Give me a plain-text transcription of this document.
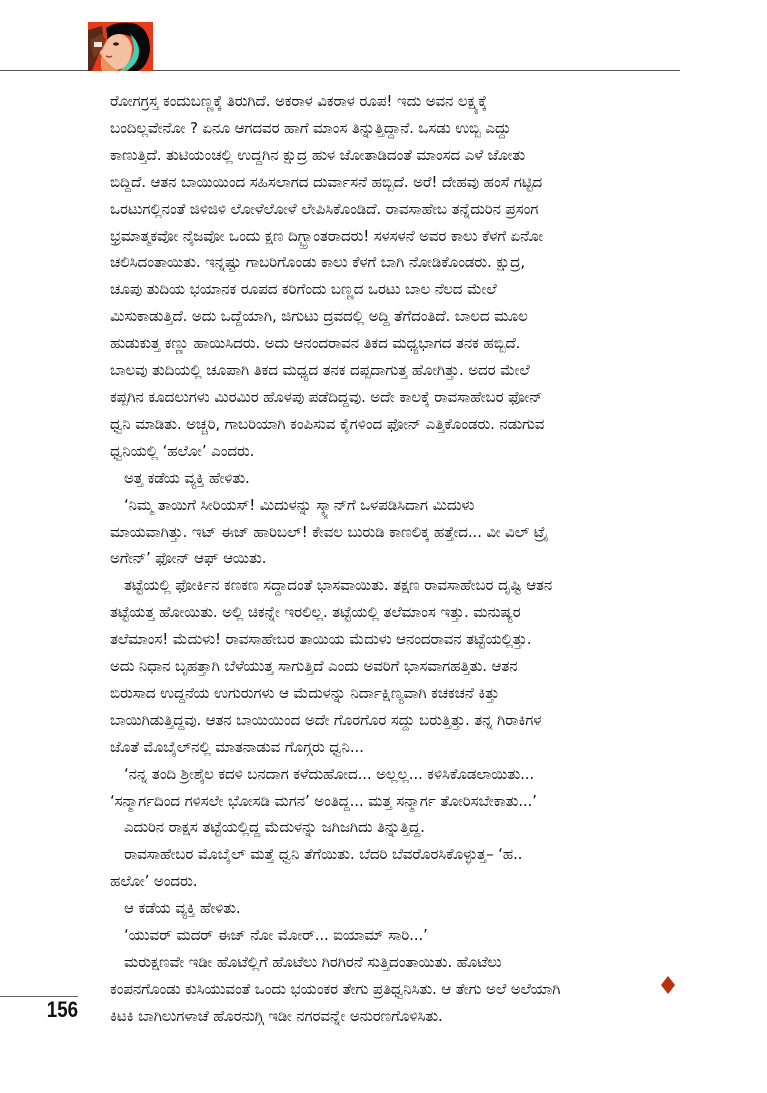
ರೋಗಗ್ರಸ್ತ ಕಂದುಬಣ್ಣಕ್ಕೆ ತಿರುಗಿದೆ. ಅಕರಾಳ ವಿಕರಾಳ ರೂಪ! ಇದು ಅವನ ಲಕ್ಷ್ಯಕ್ಕೆ
ಬಂದಿಲ್ಲವೇನೋ ? ಏನೂ ಆಗದವರ ಹಾಗೆ ಮಾಂಸ ತಿನ್ನುತ್ತಿದ್ದಾನೆ. ಒಸಡು ಉಬ್ಬಿ ಎದ್ದು
ಕಾಣುತ್ತಿದೆ. ತುಟಿಯಂಚಲ್ಲಿ ಉದ್ದಗಿನ ಕ್ಷುದ್ರ ಹುಳ ಜೋತಾಡಿದಂತೆ ಮಾಂಸದ ಎಳೆ ಜೋತು
ಬಿದ್ದಿದೆ. ಆತನ ಬಾಯಿಯಿಂದ ಸಹಿಸಲಾಗದ ದುರ್ವಾಸನೆ ಹಬ್ಬಿದೆ. ಅರೆ! ದೇಹವು ಹಂಸೆ ಗಟ್ಟಿದ
ಒರಟುಗಲ್ಲಿನಂತೆ ಜಿಳಿಜಿಳಿ ಲೋಳೆಲೋಳೆ ಲೇಪಿಸಿಕೊಂಡಿದೆ. ರಾವಸಾಹೇಬ ತನ್ನೆದುರಿನ ಪ್ರಸಂಗ
ಭ್ರಮಾತ್ಮಕವೋ ನೈಜವೋ ಒಂದು ಕ್ಷಣ ದಿಗ್ಭ್ರಾಂತರಾದರು! ಸಳಸಳನೆ ಅವರ ಕಾಲು ಕೆಳಗೆ ಏನೋ
ಚಲಿಸಿದಂತಾಯಿತು. ಇನ್ನಷ್ಟು ಗಾಬರಿಗೊಂಡು ಕಾಲು ಕೆಳಗೆ ಬಾಗಿ ನೋಡಿಕೊಂಡರು. ಕ್ಷುದ್ರ,
ಚೂಪು ತುದಿಯ ಭಯಾನಕ ರೂಪದ ಕರಿಗೆಂದು ಬಣ್ಣದ ಒರಟು ಬಾಲ ನೆಲದ ಮೇಲೆ
ಮಿಸುಕಾಡುತ್ತಿದೆ. ಅದು ಒದ್ದೆಯಾಗಿ, ಜಿಗುಟು ದ್ರವದಲ್ಲಿ ಅದ್ದಿ ತೆಗೆದಂತಿದೆ. ಬಾಲದ ಮೂಲ
ಹುಡುಕುತ್ತ ಕಣ್ಣು ಹಾಯಿಸಿದರು. ಅದು ಆನಂದರಾವನ ತಿಕದ ಮಧ್ಯಭಾಗದ ತನಕ ಹಬ್ಬಿದೆ.
ಬಾಲವು ತುದಿಯಲ್ಲಿ ಚೂಪಾಗಿ ತಿಕದ ಮಧ್ಯದ ತನಕ ದಪ್ಪದಾಗುತ್ತ ಹೋಗಿತ್ತು. ಅದರ ಮೇಲೆ
ಕಪ್ಪಗಿನ ಕೂದಲುಗಳು ಮಿರಮಿರ ಹೊಳಪು ಪಡೆದಿದ್ದವು. ಅದೇ ಕಾಲಕ್ಕೆ ರಾವಸಾಹೇಬರ ಫೋನ್
ಧ್ವನಿ ಮಾಡಿತು. ಅಚ್ಚರಿ, ಗಾಬರಿಯಾಗಿ ಕಂಪಿಸುವ ಕೈಗಳಿಂದ ಫೋನ್ ಎತ್ತಿಕೊಂಡರು. ನಡುಗುವ
ಧ್ವನಿಯಲ್ಲಿ ‘ಹಲೋ’ ಎಂದರು.
ಅತ್ತ ಕಡೆಯ ವ್ಯಕ್ತಿ ಹೇಳಿತು.
‘ನಿಮ್ಮ ತಾಯಿಗೆ ಸೀರಿಯಸ್! ಮಿದುಳನ್ನು ಸ್ಕ್ಯಾನ್‌ಗೆ ಒಳಪಡಿಸಿದಾಗ ಮಿದುಳು
ಮಾಯವಾಗಿತ್ತು. ಇಟ್ ಈಜ್ ಹಾರಿಬಲ್! ಕೇವಲ ಬುರುಡಿ ಕಾಣಲಿಕ್ಕ ಹತ್ತೇದ... ವೀ ವಿಲ್ ಟ್ರೈ
ಅಗೇನ್’ ಫೋನ್ ಆಫ್ ಆಯಿತು.
ತಟ್ಟೆಯಲ್ಲಿ ಫೋರ್ಕಿನ ಕಣಕಣ ಸದ್ದಾದಂತೆ ಭಾಸವಾಯಿತು. ತಕ್ಷಣ ರಾವಸಾಹೇಬರ ದೃಷ್ಟಿ ಆತನ
ತಟ್ಟೆಯತ್ತ ಹೋಯಿತು. ಅಲ್ಲಿ ಚಿಕನ್ನೇ ಇರಲಿಲ್ಲ. ತಟ್ಟೆಯಲ್ಲಿ ತಲೆಮಾಂಸ ಇತ್ತು. ಮನುಷ್ಯರ
ತಲೆಮಾಂಸ! ಮೆದುಳು! ರಾವಸಾಹೇಬರ ತಾಯಿಯ ಮೆದುಳು ಆನಂದರಾವನ ತಟ್ಟೆಯಲ್ಲಿತ್ತು.
ಅದು ನಿಧಾನ ಬೃಹತ್ತಾಗಿ ಬೆಳೆಯುತ್ತ ಸಾಗುತ್ತಿದೆ ಎಂದು ಅವರಿಗೆ ಭಾಸವಾಗಹತ್ತಿತು. ಆತನ
ಬಿರುಸಾದ ಉದ್ದನೆಯ ಉಗುರುಗಳು ಆ ಮೆದುಳನ್ನು ನಿರ್ದಾಕ್ಷಿಣ್ಯವಾಗಿ ಕಚಕಚನೆ ಕಿತ್ತು
ಬಾಯಿಗಿಡುತ್ತಿದ್ದವು. ಆತನ ಬಾಯಿಯಿಂದ ಅದೇ ಗೊರಗೊರ ಸದ್ದು ಬರುತ್ತಿತ್ತು. ತನ್ನ ಗಿರಾಕಿಗಳ
ಜೊತೆ ಮೊಬೈಲ್‌ನಲ್ಲಿ ಮಾತನಾಡುವ ಗೊಗ್ಗರು ಧ್ವನಿ...
‘ನನ್ನ ತಂದಿ ಶ್ರೀಶೈಲ ಕದಳಿ ಬನದಾಗ ಕಳೆದುಹೋದ... ಅಲ್ಲಲ್ಲ... ಕಳಿಸಿಕೊಡಲಾಯಿತು...
‘ಸನ್ಮಾರ್ಗದಿಂದ ಗಳಿಸಲೇ ಭೋಸಡಿ ಮಗನ’ ಅಂತಿದ್ದ... ಮತ್ತ ಸನ್ಮಾರ್ಗ ತೋರಿಸಬೇಕಾತು...’
ಎದುರಿನ ರಾಕ್ಷಸ ತಟ್ಟೆಯಲ್ಲಿದ್ದ ಮೆದುಳನ್ನು ಜಗಿಜಗಿದು ತಿನ್ನುತ್ತಿದ್ದ.
ರಾವಸಾಹೇಬರ ಮೊಬೈಲ್ ಮತ್ತೆ ಧ್ವನಿ ತೆಗೆಯಿತು. ಬೆದರಿ ಬೆವರೊರಸಿಕೊಳ್ಳುತ್ತ– ‘ಹ..
ಹಲೋ’ ಅಂದರು.
ಆ ಕಡೆಯ ವ್ಯಕ್ತಿ ಹೇಳಿತು.
‘ಯುವರ್ ಮದರ್ ಈಜ್ ನೋ ಮೋರ್... ಐಯಾಮ್ ಸಾರಿ...’
ಮರುಕ್ಷಣವೇ ಇಡೀ ಹೊಟೆಲ್ಲಿಗೆ ಹೊಟೆಲು ಗಿರಗಿರನೆ ಸುತ್ತಿದಂತಾಯಿತು. ಹೊಟೆಲು
ಕಂಪನಗೊಂಡು ಕುಸಿಯುವಂತೆ ಒಂದು ಭಯಂಕರ ತೇಗು ಪ್ರತಿಧ್ವನಿಸಿತು. ಆ ತೇಗು ಅಲೆ ಅಲೆಯಾಗಿ
ಕಿಟಕಿ ಬಾಗಿಲುಗಳಾಚೆ ಹೊರನುಗ್ಗಿ ಇಡೀ ನಗರವನ್ನೇ ಅನುರಣಗೊಳಿಸಿತು.
156
